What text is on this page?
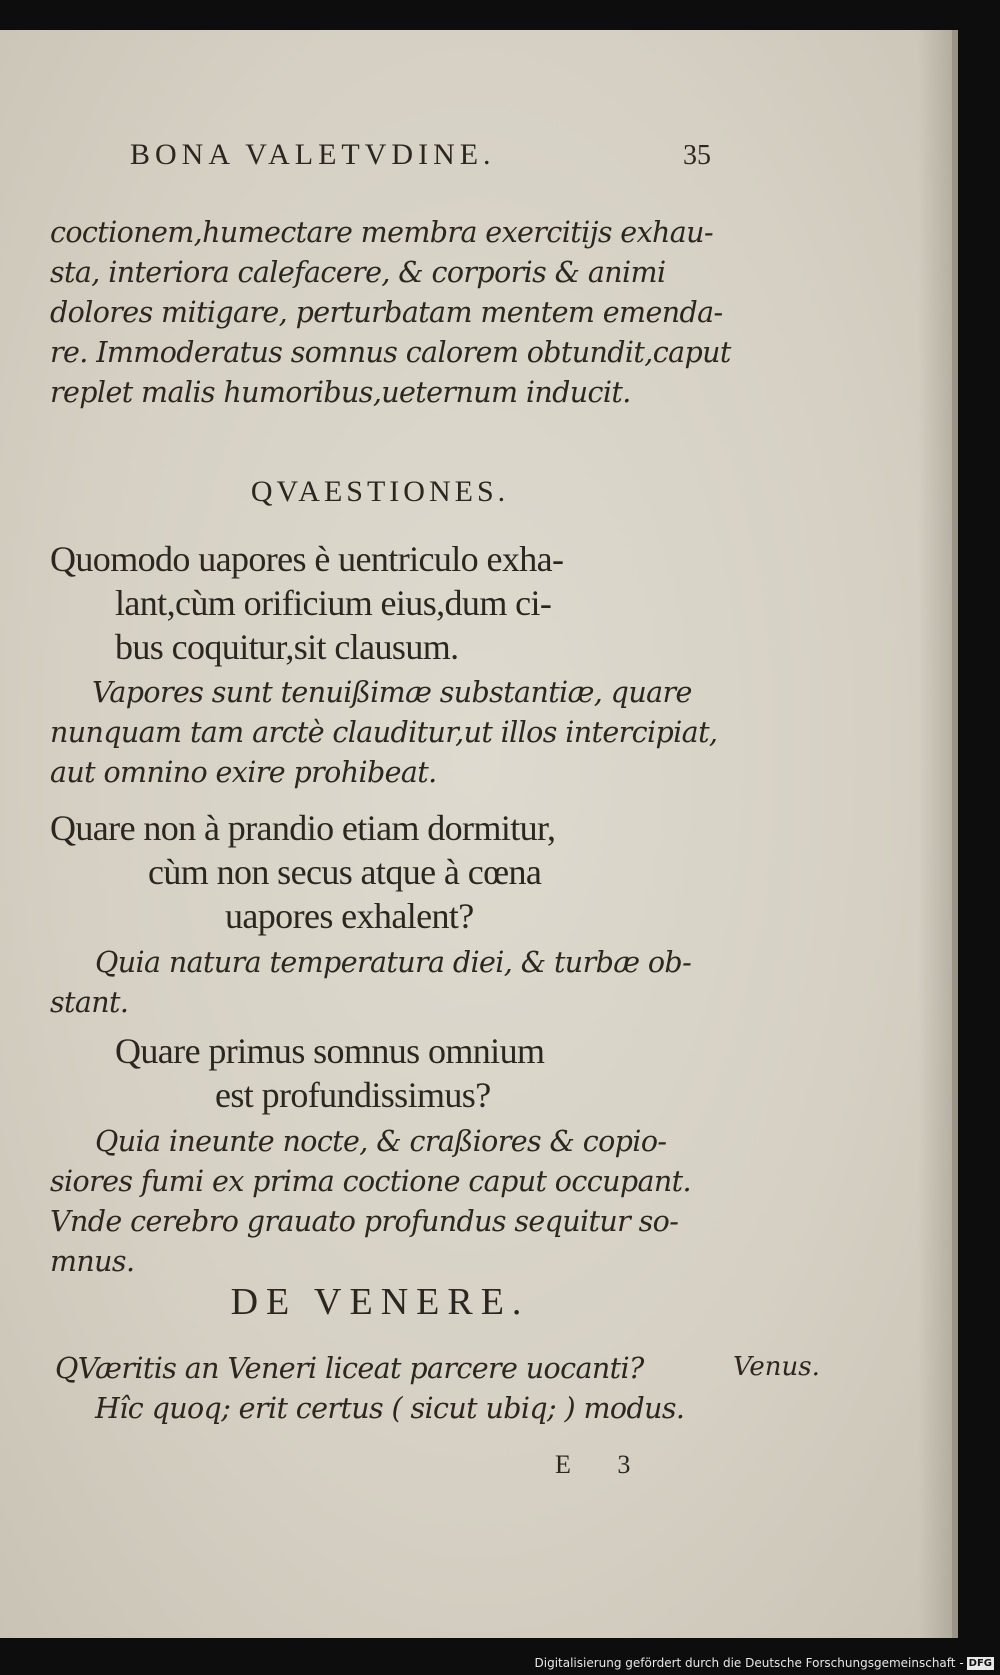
BONA VALETVDINE.	35
coctionem,humectare membra exercitijs exhau-
sta, interiora calefacere, & corporis & animi
dolores mitigare, perturbatam mentem emenda-
re. Immoderatus somnus calorem obtundit,caput
replet malis humoribus,ueternum inducit.
QVAESTIONES.
Quomodo uapores è uentriculo exha-
lant,cùm orificium eius,dum ci-
bus coquitur,sit clausum.
Vapores sunt tenuißimæ substantiæ, quare
nunquam tam arctè clauditur,ut illos intercipiat,
aut omnino exire prohibeat.
Quare non à prandio etiam dormitur,
cùm non secus atque à cœna
uapores exhalent?
Quia natura temperatura diei, & turbæ ob-
stant.
Quare primus somnus omnium
est profundissimus?
Quia ineunte nocte, & craßiores & copio-
siores fumi ex prima coctione caput occupant.
Vnde cerebro grauato profundus sequitur so-
mnus.
DE VENERE.
QVæritis an Veneri liceat parcere uocanti?
Hîc quoq; erit certus ( sicut ubiq; ) modus.
Venus.
E 3
Digitalisierung gefördert durch die Deutsche Forschungsgemeinschaft - DFG
